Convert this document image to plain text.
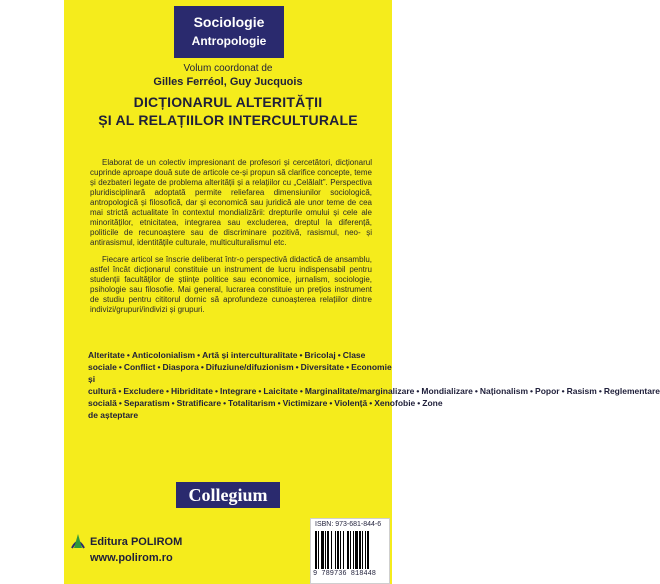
Sociologie
Antropologie
Volum coordonat de
Gilles Ferréol, Guy Jucquois
DICȚIONARUL ALTERITĂȚII
ȘI AL RELAȚIILOR INTERCULTURALE
Elaborat de un colectiv impresionant de profesori și cercetători, dicționarul cuprinde aproape două sute de articole ce-și propun să clarifice concepte, teme și dezbateri legate de problema alterității și a relațiilor cu „Celălalt”. Perspectiva pluridisciplinară adoptată permite reliefarea dimensiunilor sociologică, antropologică și filosofică, dar și economică sau juridică ale unor teme de cea mai strictă actualitate în contextul mondializării: drepturile omului și cele ale minorităților, etnicitatea, integrarea sau excluderea, dreptul la diferență, politicile de recunoaștere sau de discriminare pozitivă, rasismul, neo- și antirasismul, identitățile culturale, multiculturalismul etc.
Fiecare articol se înscrie deliberat într-o perspectivă didactică de ansamblu, astfel încât dicționarul constituie un instrument de lucru indispensabil pentru studenții facultăților de științe politice sau economice, jurnalism, sociologie, psihologie sau filosofie. Mai general, lucrarea constituie un prețios instrument de studiu pentru cititorul dornic să aprofundeze cunoașterea relațiilor dintre indivizi/grupuri/indivizi și grupuri.
Alteritate • Anticolonialism • Artă și interculturalitate • Bricolaj • Clase sociale • Conflict • Diaspora • Difuziune/difuzionism • Diversitate • Economie și cultură • Excludere • Hibriditate • Integrare • Laicitate • Marginalitate/marginalizare • Mondializare • Naționalism • Popor • Rasism • Reglementare socială • Separatism • Stratificare • Totalitarism • Victimizare • Violență • Xenofobie • Zone de așteptare
Collegium
Editura POLIROM
www.polirom.ro
ISBN: 973-681-844-6
9 789736 818448
